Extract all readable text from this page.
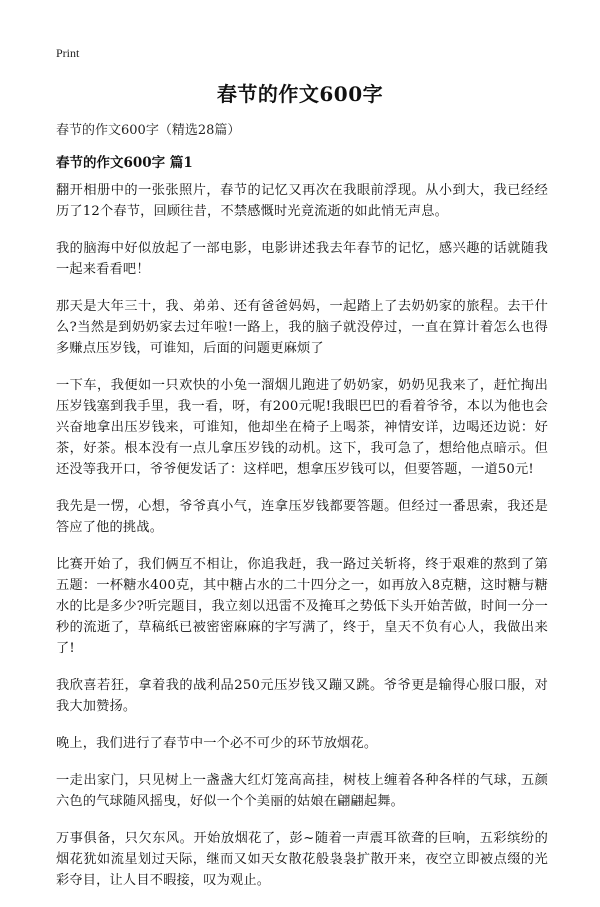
Print
春节的作文600字

春节的作文600字（精选28篇）

春节的作文600字 篇1

翻开相册中的一张张照片，春节的记忆又再次在我眼前浮现。从小到大，我已经经历了12个春节，回顾往昔，不禁感慨时光竟流逝的如此悄无声息。

我的脑海中好似放起了一部电影，电影讲述我去年春节的记忆，感兴趣的话就随我一起来看看吧！

那天是大年三十，我、弟弟、还有爸爸妈妈，一起踏上了去奶奶家的旅程。去干什么?当然是到奶奶家去过年啦!一路上，我的脑子就没停过，一直在算计着怎么也得多赚点压岁钱，可谁知，后面的问题更麻烦了

一下车，我便如一只欢快的小兔一溜烟儿跑进了奶奶家，奶奶见我来了，赶忙掏出压岁钱塞到我手里，我一看，呀，有200元呢!我眼巴巴的看着爷爷，本以为他也会兴奋地拿出压岁钱来，可谁知，他却坐在椅子上喝茶，神情安详，边喝还边说：好茶，好茶。根本没有一点儿拿压岁钱的动机。这下，我可急了，想给他点暗示。但还没等我开口，爷爷便发话了：这样吧，想拿压岁钱可以，但要答题，一道50元!

我先是一愣，心想，爷爷真小气，连拿压岁钱都要答题。但经过一番思索，我还是答应了他的挑战。

比赛开始了，我们俩互不相让，你追我赶，我一路过关斩将，终于艰难的熬到了第五题：一杯糖水400克，其中糖占水的二十四分之一，如再放入8克糖，这时糖与糖水的比是多少?听完题目，我立刻以迅雷不及掩耳之势低下头开始苦做，时间一分一秒的流逝了，草稿纸已被密密麻麻的字写满了，终于，皇天不负有心人，我做出来了!

我欣喜若狂，拿着我的战利品250元压岁钱又蹦又跳。爷爷更是输得心服口服，对我大加赞扬。

晚上，我们进行了春节中一个必不可少的环节放烟花。

一走出家门，只见树上一盏盏大红灯笼高高挂，树枝上缠着各种各样的气球，五颜六色的气球随风摇曳，好似一个个美丽的姑娘在翩翩起舞。

万事俱备，只欠东风。开始放烟花了，彭~随着一声震耳欲聋的巨响，五彩缤纷的烟花犹如流星划过天际，继而又如天女散花般袅袅扩散开来，夜空立即被点缀的光彩夺目，让人目不暇接，叹为观止。
